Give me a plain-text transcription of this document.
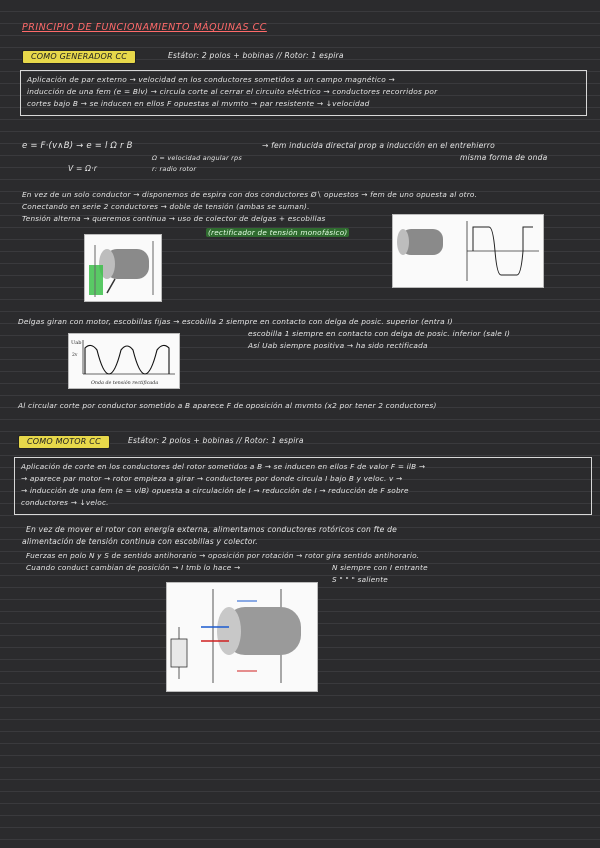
PRINCIPIO DE FUNCIONAMIENTO MÁQUINAS CC
COMO GENERADOR CC	Estátor: 2 polos + bobinas // Rotor: 1 espira
Aplicación de par externo → velocidad en los conductores sometidos a un campo magnético →
inducción de una fem (e = Blv) → circula corte al cerrar el circuito eléctrico → conductores recorridos por
cortes bajo B → se inducen en ellos F opuestas al mvmto → par resistente → ↓velocidad
e = F·(v∧B) → e = l Ω r B	→ fem inducida directal prop a inducción en el entrehierro
misma forma de onda
Ω = velocidad angular rps
r: radio rotor
V = Ω·r
En vez de un solo conductor → disponemos de espira con dos conductores Ø∖ opuestos → fem de uno opuesta al otro.
Conectando en serie 2 conductores → doble de tensión (ambas se suman).
Tensión alterna → queremos continua → uso de colector de delgas + escobillas
(rectificador de tensión monofásico)
Delgas giran con motor, escobillas fijas → escobilla 2 siempre en contacto con delga de posic. superior (entra I)
escobilla 1 siempre en contacto con delga de posic. inferior (sale I)
Así Uab siempre positiva → ha sido rectificada
Uab
2v
Onda de tensión rectificada
Al circular corte por conductor sometido a B aparece F de oposición al mvmto (x2 por tener 2 conductores)
COMO MOTOR CC	Estátor: 2 polos + bobinas // Rotor: 1 espira
Aplicación de corte en los conductores del rotor sometidos a B → se inducen en ellos F de valor F = ilB →
→ aparece par motor → rotor empieza a girar → conductores por donde circula I bajo B y veloc. v →
→ inducción de una fem (e = vlB) opuesta a circulación de I → reducción de I → reducción de F sobre
conductores → ↓veloc.
En vez de mover el rotor con energía externa, alimentamos conductores rotóricos con fte de
alimentación de tensión continua con escobillas y colector.
Fuerzas en polo N y S de sentido antihorario → oposición por rotación → rotor gira sentido antihorario.
Cuando conduct cambian de posición → I tmb lo hace →	N siempre con I entrante
S " " " saliente
